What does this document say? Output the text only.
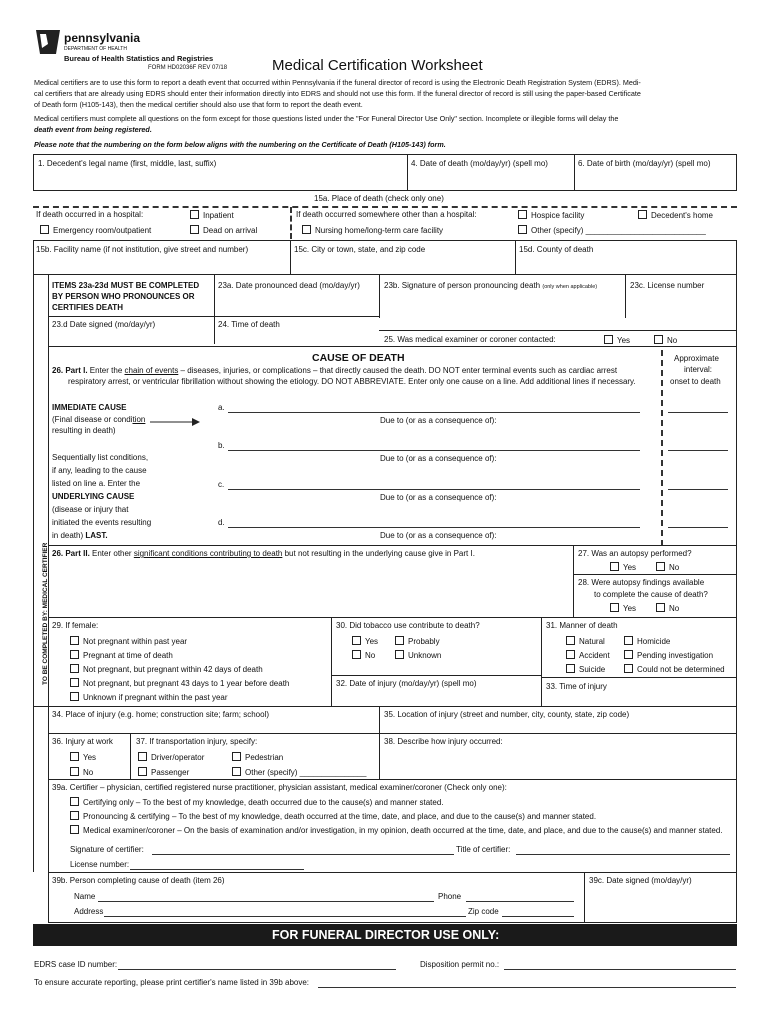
pennsylvania
DEPARTMENT OF HEALTH
Bureau of Health Statistics and Registries
FORM HD02036F REV 07/18	Medical Certification Worksheet
Medical certifiers are to use this form to report a death event that occurred within Pennsylvania if the funeral director of record is using the Electronic Death Registration System (EDRS). Medi-
cal certifiers that are already using EDRS should enter their information directly into EDRS and should not use this form. If the funeral director of record is still using the paper-based Certificate
of Death form (H105-143), then the medical certifier should also use that form to report the death event.
Medical certifiers must complete all questions on the form except for those questions listed under the "For Funeral Director Use Only" section. Incomplete or illegible forms will delay the
death event from being registered.
Please note that the numbering on the form below aligns with the numbering on the Certificate of Death (H105-143) form.
1. Decedent's legal name (first, middle, last, suffix)	4. Date of death (mo/day/yr) (spell mo)	6. Date of birth (mo/day/yr) (spell mo)
15a. Place of death (check only one)
If death occurred in a hospital:	Inpatient
Emergency room/outpatient	Dead on arrival
If death occurred somewhere other than a hospital:	Hospice facility	Decedent's home
Nursing home/long-term care facility	Other (specify) ___________________________
15b. Facility name (if not institution, give street and number)	15c. City or town, state, and zip code	15d. County of death
TO BE COMPLETED BY: MEDICAL CERTIFIER
ITEMS 23a-23d MUST BE COMPLETED
BY PERSON WHO PRONOUNCES OR
CERTIFIES DEATH
23a. Date pronounced dead (mo/day/yr)	23b. Signature of person pronouncing death (only when applicable)	23c. License number
23.d Date signed (mo/day/yr)	24. Time of death
25. Was medical examiner or coroner contacted:	Yes	No
CAUSE OF DEATH	Approximate
interval:
onset to death
26. Part I. Enter the chain of events – diseases, injuries, or complications – that directly caused the death. DO NOT enter terminal events such as cardiac arrest
respiratory arrest, or ventricular fibrillation without showing the etiology. DO NOT ABBREVIATE. Enter only one cause on a line. Add additional lines if necessary.
IMMEDIATE CAUSE
(Final disease or condition
resulting in death)
Sequentially list conditions,
if any, leading to the cause
listed on line a. Enter the
UNDERLYING CAUSE
(disease or injury that
initiated the events resulting
in death) LAST.
a.
Due to (or as a consequence of):
b.
Due to (or as a consequence of):
c.
Due to (or as a consequence of):
d.
Due to (or as a consequence of):
26. Part II. Enter other significant conditions contributing to death but not resulting in the underlying cause give in Part I.	27. Was an autopsy performed?
Yes	No
28. Were autopsy findings available
to complete the cause of death?
Yes	No
29. If female:
Not pregnant within past year
Pregnant at time of death
Not pregnant, but pregnant within 42 days of death
Not pregnant, but pregnant 43 days to 1 year before death
Unknown if pregnant within the past year
30. Did tobacco use contribute to death?
Yes	Probably
No	Unknown
32. Date of injury (mo/day/yr) (spell mo)
31. Manner of death
Natural	Homicide
Accident	Pending investigation
Suicide	Could not be determined
33. Time of injury
34. Place of injury (e.g. home; construction site; farm; school)	35. Location of injury (street and number, city, county, state, zip code)
36. Injury at work
Yes
No
37. If transportation injury, specify:
Driver/operator	Pedestrian
Passenger	Other (specify) _______________
38. Describe how injury occurred:
39a. Certifier – physician, certified registered nurse practitioner, physician assistant, medical examiner/coroner (Check only one):
Certifying only – To the best of my knowledge, death occurred due to the cause(s) and manner stated.
Pronouncing & certifying – To the best of my knowledge, death occurred at the time, date, and place, and due to the cause(s) and manner stated.
Medical examiner/coroner – On the basis of examination and/or investigation, in my opinion, death occurred at the time, date, and place, and due to the cause(s) and manner stated.
Signature of certifier:	Title of certifier:
License number:
39b. Person completing cause of death (item 26)
Name	Phone
Address	Zip code
39c. Date signed (mo/day/yr)
FOR FUNERAL DIRECTOR USE ONLY:
EDRS case ID number:	Disposition permit no.:
To ensure accurate reporting, please print certifier's name listed in 39b above:
